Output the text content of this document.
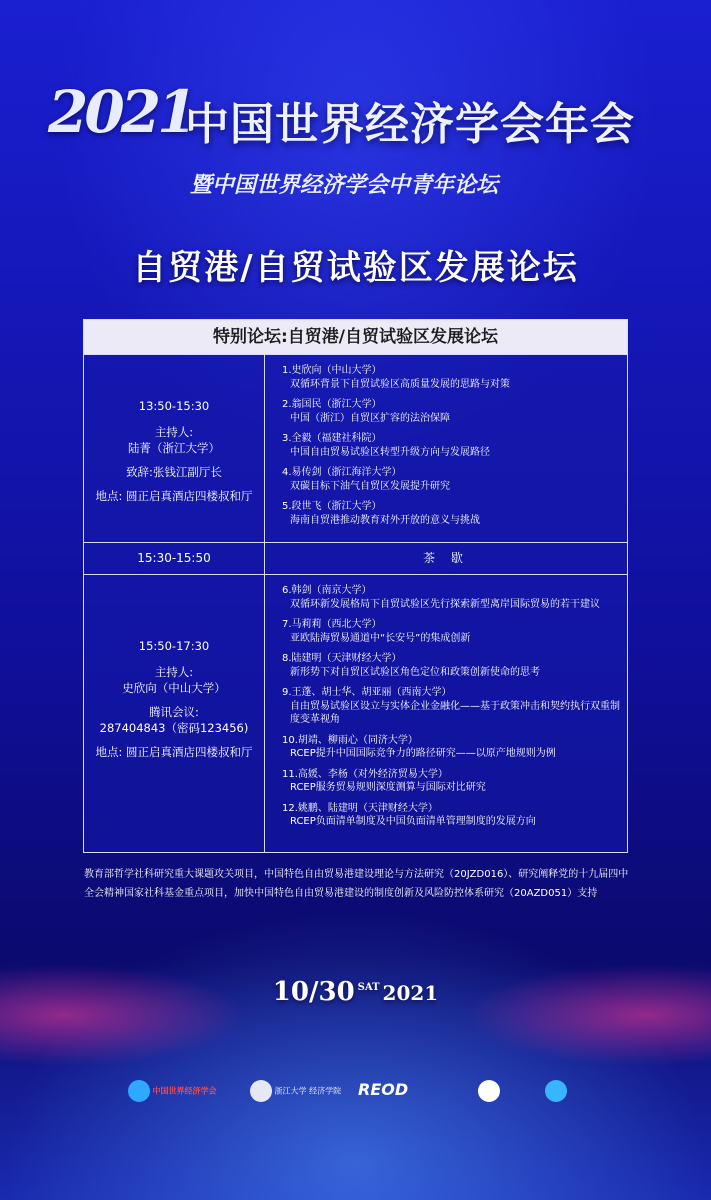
2021
中国世界经济学会年会
暨中国世界经济学会中青年论坛
自贸港/自贸试验区发展论坛
特别论坛:自贸港/自贸试验区发展论坛
13:50-15:30
主持人:
陆菁（浙江大学）
致辞:张钱江副厅长
地点: 圆正启真酒店四楼叔和厅
1.史欣向（中山大学）
双循环背景下自贸试验区高质量发展的思路与对策
2.翁国民（浙江大学）
中国（浙江）自贸区扩容的法治保障
3.全毅（福建社科院）
中国自由贸易试验区转型升级方向与发展路径
4.易传剑（浙江海洋大学）
双碳目标下油气自贸区发展提升研究
5.段世飞（浙江大学）
海南自贸港推动教育对外开放的意义与挑战
15:30-15:50	茶 歇
15:50-17:30
主持人:
史欣向（中山大学）
腾讯会议:
287404843（密码123456)
地点: 圆正启真酒店四楼叔和厅
6.韩剑（南京大学）
双循环新发展格局下自贸试验区先行探索新型离岸国际贸易的若干建议
7.马莉莉（西北大学）
亚欧陆海贸易通道中“长安号”的集成创新
8.陆建明（天津财经大学）
新形势下对自贸区试验区角色定位和政策创新使命的思考
9.王蓬、胡士华、胡亚丽（西南大学）
自由贸易试验区设立与实体企业金融化——基于政策冲击和契约执行双重制度变革视角
10.胡靖、柳雨心（同济大学）
RCEP提升中国国际竞争力的路径研究——以原产地规则为例
11.高媛、李杨（对外经济贸易大学）
RCEP服务贸易规则深度测算与国际对比研究
12.姚鹏、陆建明（天津财经大学）
RCEP负面清单制度及中国负面清单管理制度的发展方向
教育部哲学社科研究重大课题攻关项目，中国特色自由贸易港建设理论与方法研究（20JZD016）、研究阐释党的十九届四中全会精神国家社科基金重点项目，加快中国特色自由贸易港建设的制度创新及风险防控体系研究（20AZD051）支持
10/30 $^{SAT}$ 2021
中国世界经济学会	浙江大学 经济学院 REOD
